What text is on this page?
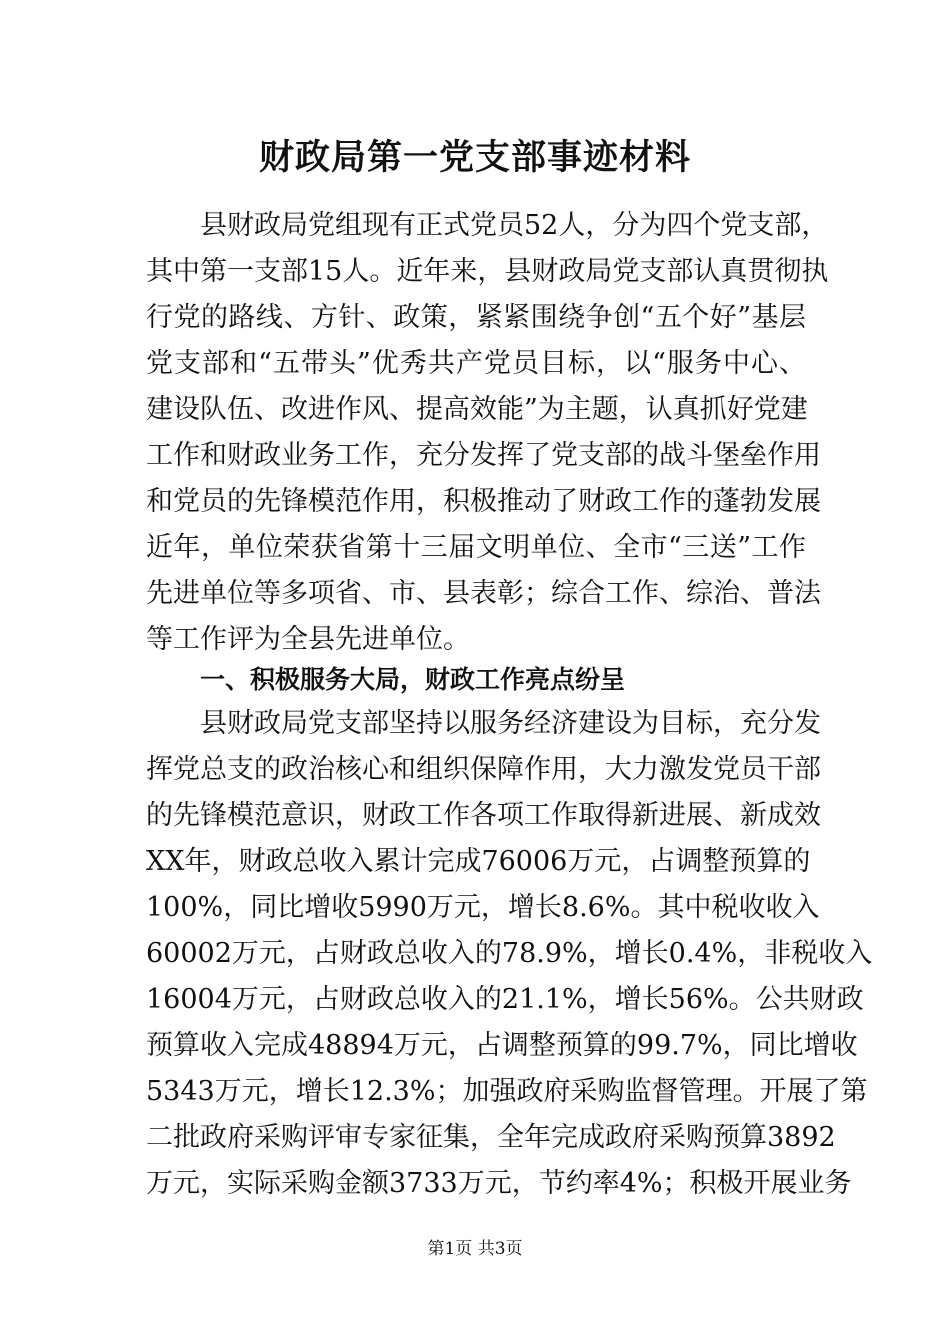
财政局第一党支部事迹材料
县财政局党组现有正式党员52人，分为四个党支部，
其中第一支部15人。近年来，县财政局党支部认真贯彻执
行党的路线、方针、政策，紧紧围绕争创“五个好”基层
党支部和“五带头”优秀共产党员目标，以“服务中心、
建设队伍、改进作风、提高效能”为主题，认真抓好党建
工作和财政业务工作，充分发挥了党支部的战斗堡垒作用
和党员的先锋模范作用，积极推动了财政工作的蓬勃发展
近年，单位荣获省第十三届文明单位、全市“三送”工作
先进单位等多项省、市、县表彰；综合工作、综治、普法
等工作评为全县先进单位。
一、积极服务大局，财政工作亮点纷呈
县财政局党支部坚持以服务经济建设为目标，充分发
挥党总支的政治核心和组织保障作用，大力激发党员干部
的先锋模范意识，财政工作各项工作取得新进展、新成效
XX年，财政总收入累计完成76006万元，占调整预算的
100%，同比增收5990万元，增长8.6%。其中税收收入
60002万元，占财政总收入的78.9%，增长0.4%，非税收入
16004万元，占财政总收入的21.1%，增长56%。公共财政
预算收入完成48894万元，占调整预算的99.7%，同比增收
5343万元，增长12.3%；加强政府采购监督管理。开展了第
二批政府采购评审专家征集，全年完成政府采购预算3892
万元，实际采购金额3733万元，节约率4%；积极开展业务
第1页 共3页
